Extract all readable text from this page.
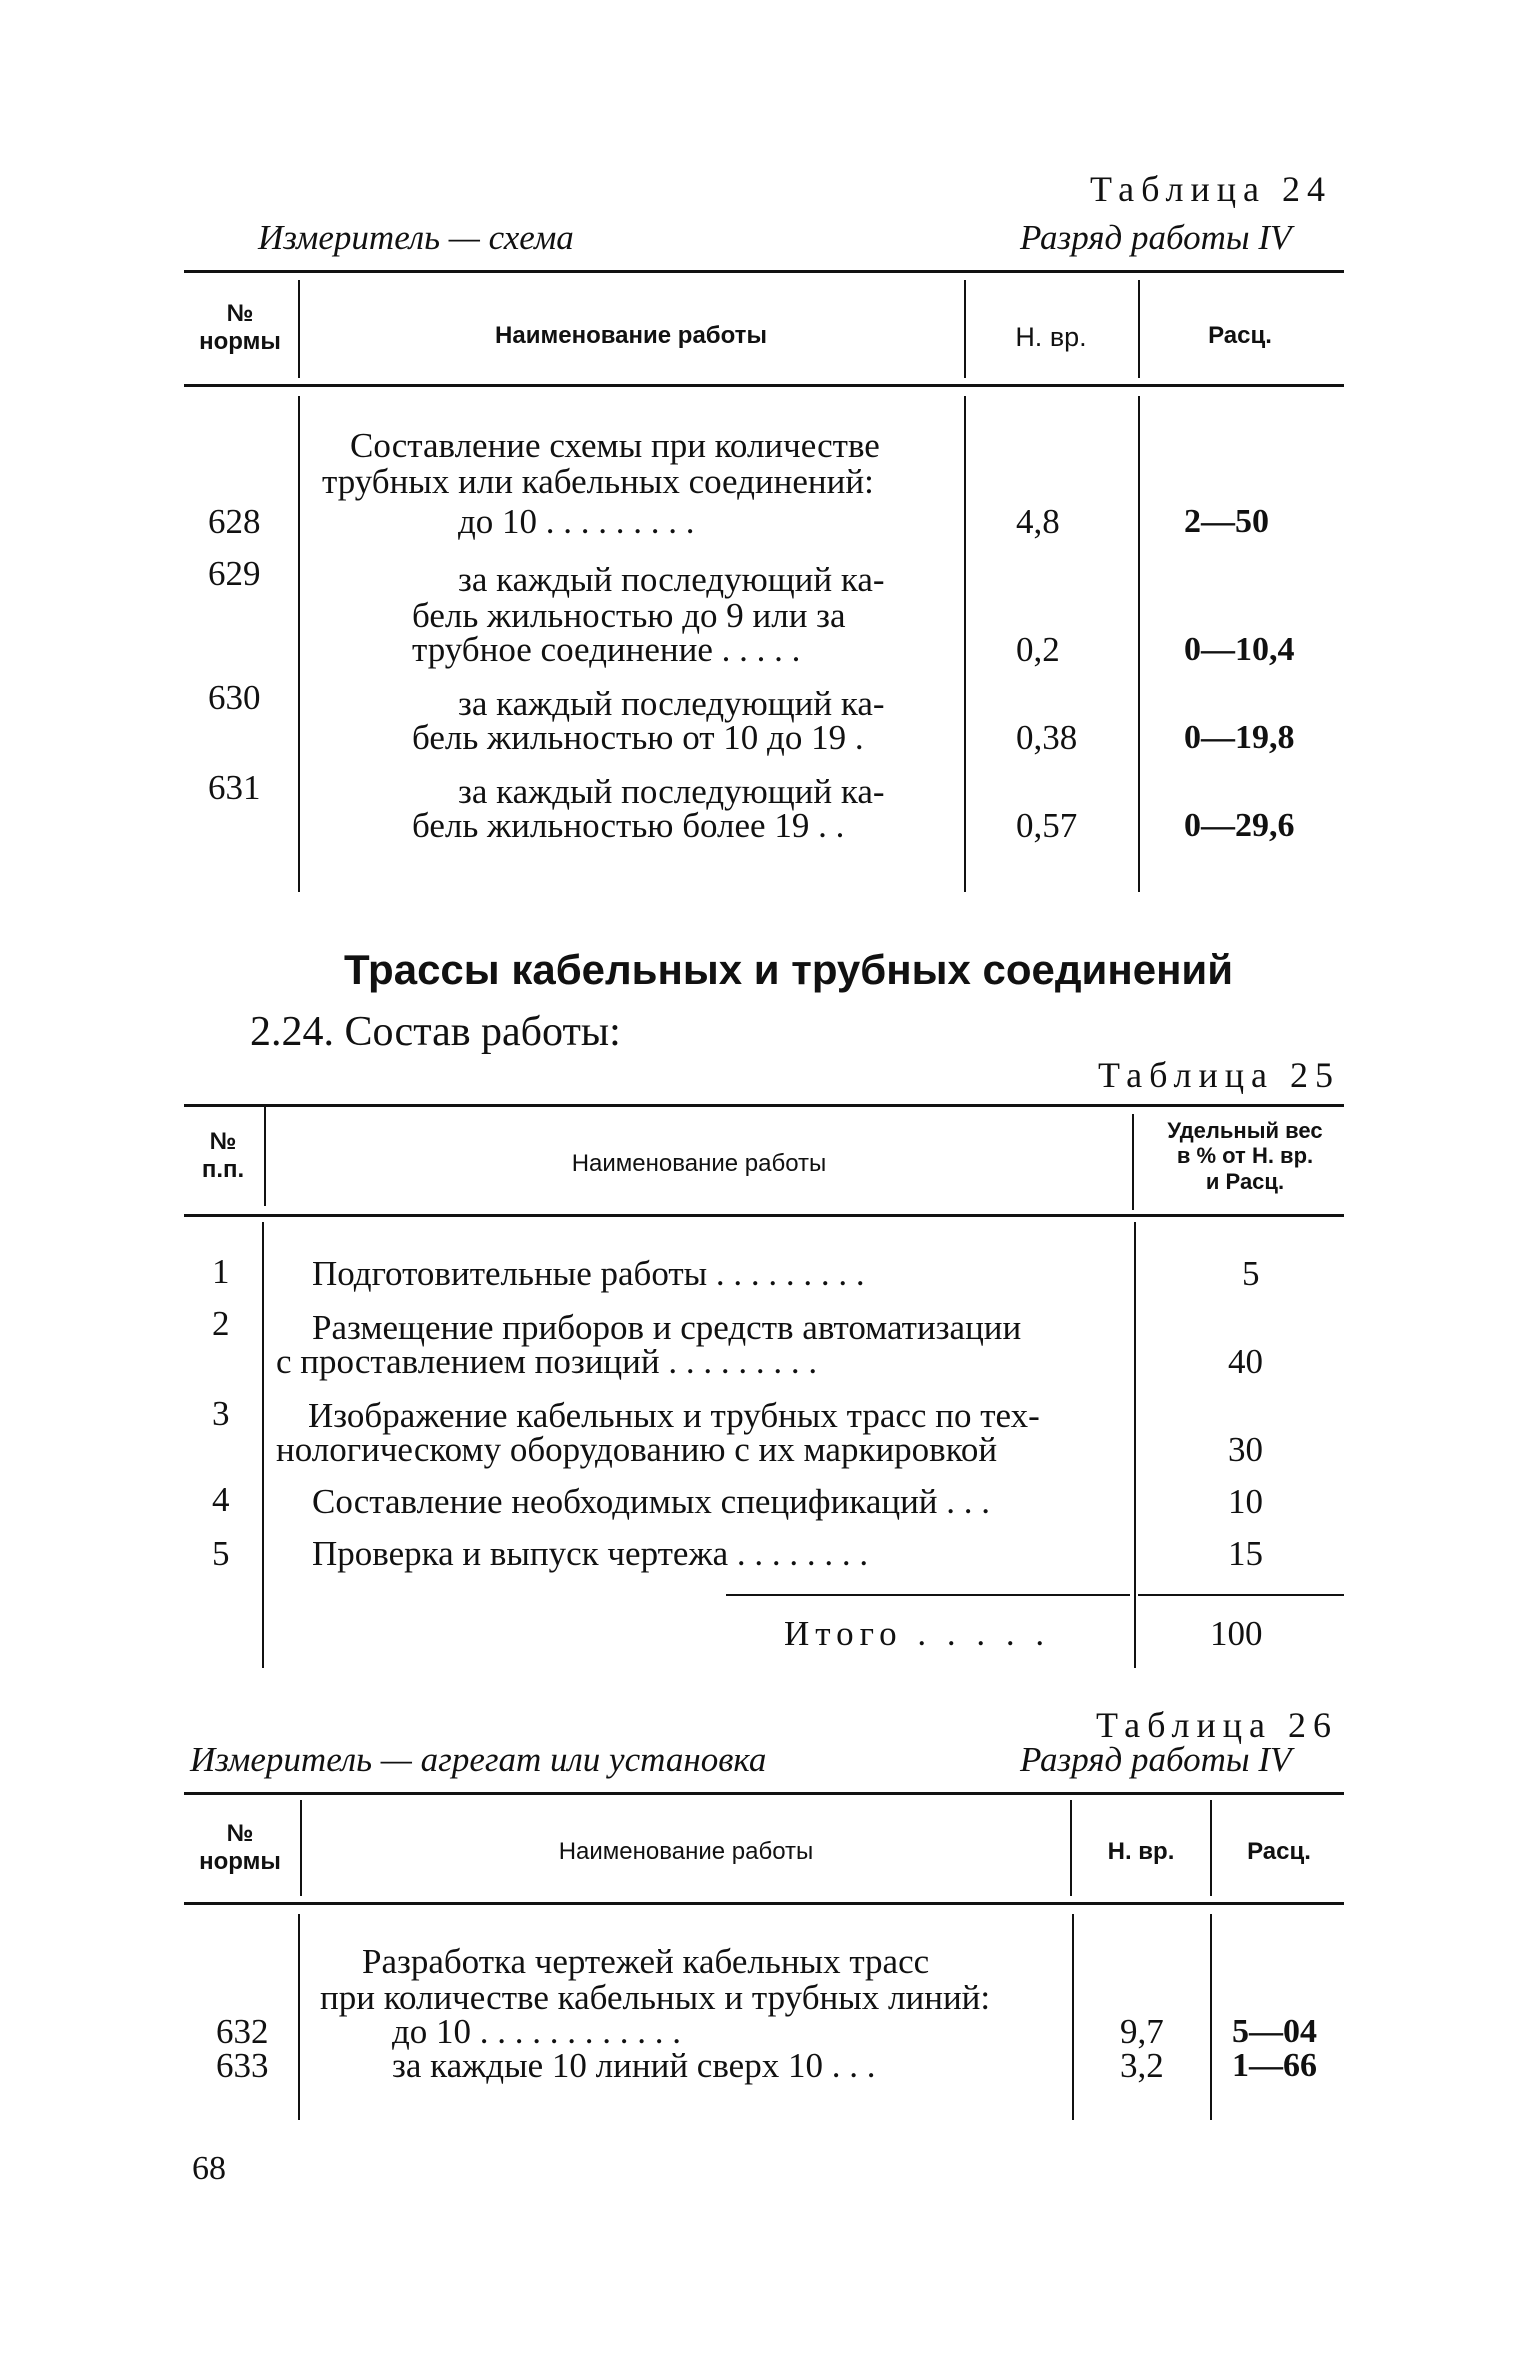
Таблица 24
Измеритель — схема	Разряд работы IV
№
нормы	Наименование работы	Н. вр.	Расц.
Составление схемы при количестве
трубных или кабельных соединений:
628	до 10 . . . . . . . . .	4,8	2—50
629	за каждый последующий ка-
бель жильностью до 9 или за
трубное соединение . . . . .	0,2	0—10,4
630	за каждый последующий ка-
бель жильностью от 10 до 19 .	0,38	0—19,8
631	за каждый последующий ка-
бель жильностью более 19 . .	0,57	0—29,6
Трассы кабельных и трубных соединений
2.24. Состав работы:
Таблица 25
№
п.п.	Наименование работы
Удельный вес
в % от Н. вр.
и Расц.
1 Подготовительные работы . . . . . . . . .	5
2 Размещение приборов и средств автоматизации
с проставлением позиций . . . . . . . . .	40
3 Изображение кабельных и трубных трасс по тех-
нологическому оборудованию с их маркировкой	30
4 Составление необходимых спецификаций . . .	10
5 Проверка и выпуск чертежа . . . . . . . .	15
Итого . . . . .	100
Таблица 26
Измеритель — агрегат или установка	Разряд работы IV
№
нормы	Наименование работы	Н. вр.	Расц.
Разработка чертежей кабельных трасс
при количестве кабельных и трубных линий:
632	до 10 . . . . . . . . . . . .	9,7 5—04
633	за каждые 10 линий сверх 10 . . .	3,2 1—66
68
